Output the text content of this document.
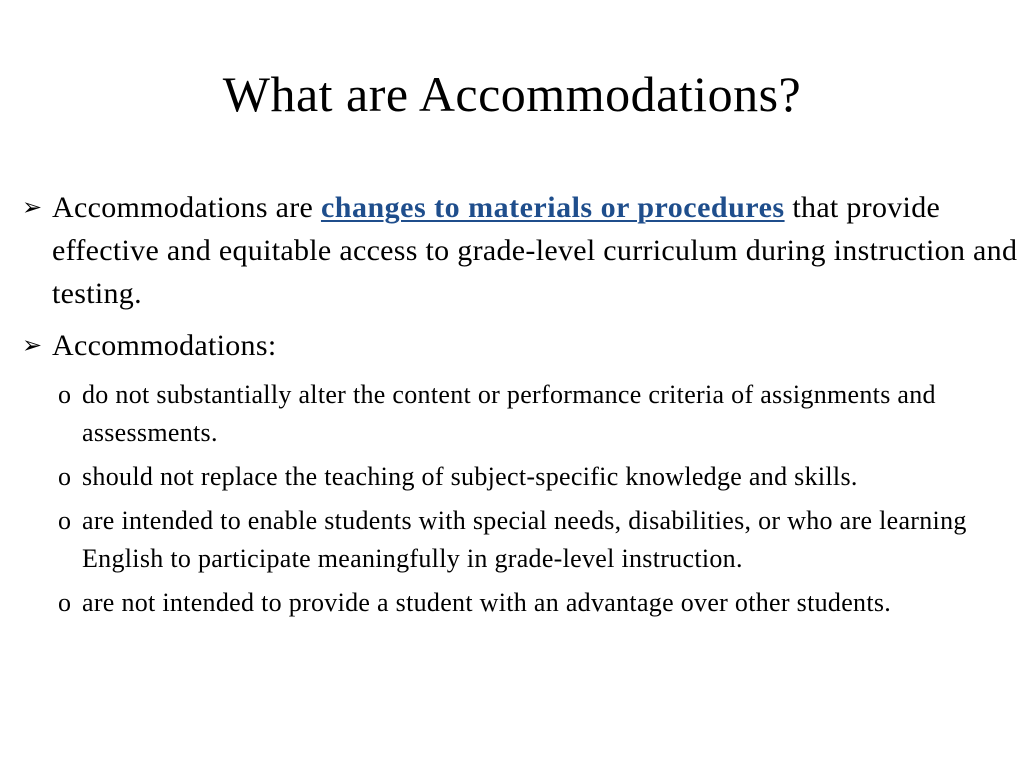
What are Accommodations?

➢ Accommodations are changes to materials or procedures that provide effective and equitable access to grade-level curriculum during instruction and testing.

➢ Accommodations:

o do not substantially alter the content or performance criteria of assignments and assessments.

o should not replace the teaching of subject-specific knowledge and skills.

o are intended to enable students with special needs, disabilities, or who are learning English to participate meaningfully in grade-level instruction.

o are not intended to provide a student with an advantage over other students.
